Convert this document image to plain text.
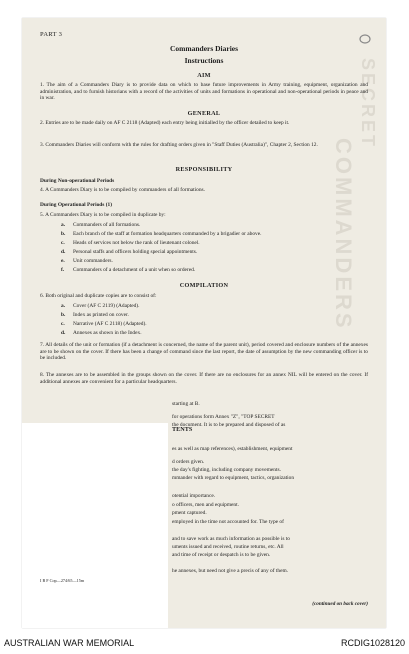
COMMANDERS
SECRET
PART 3
Commanders Diaries
Instructions
AIM
1. The aim of a Commanders Diary is to provide data on which to base future improvements in Army training, equipment, organization and administration, and to furnish historians with a record of the activities of units and formations in operational and non-operational periods in peace and in war.
GENERAL
2. Entries are to be made daily on AF C 2118 (Adapted) each entry being initialled by the officer detailed to keep it.
3. Commanders Diaries will conform with the rules for drafting orders given in "Staff Duties (Australia)", Chapter 2, Section 12.
RESPONSIBILITY
During Non-operational Periods
4. A Commanders Diary is to be compiled by commanders of all formations.
During Operational Periods (1)
5. A Commanders Diary is to be compiled in duplicate by:
a. Commanders of all formations.
b. Each branch of the staff at formation headquarters commanded by a brigadier or above.
c. Heads of services not below the rank of lieutenant colonel.
d. Personal staffs and officers holding special appointments.
e. Unit commanders.
f. Commanders of a detachment of a unit when so ordered.
COMPILATION
6. Both original and duplicate copies are to consist of:
a. Cover (AF C 2119) (Adapted).
b. Index as printed on cover.
c. Narrative (AF C 2118) (Adapted).
d. Annexes as shown in the Index.
7. All details of the unit or formation (if a detachment is concerned, the name of the parent unit), period covered and enclosure numbers of the annexes are to be shown on the cover. If there has been a change of command since the last report, the date of assumption by the new commanding officer is to be included.
8. The annexes are to be assembled in the groups shown on the cover. If there are no enclosures for an annex NIL will be entered on the cover. If additional annexes are convenient for a particular headquarters.
starting at B.
for operations form Annex "Z", "TOP SECRET
the document. It is to be prepared and disposed of as
es as well as map references), establishment, equipment
d orders given.
the day's fighting, including company movements.
mmander with regard to equipment, tactics, organization
otential importance.
o officers, men and equipment.
pment captured.
employed in the time not accounted for. The type of
and to save work as much information as possible is to
uments issued and received, routine returns, etc. All
and time of receipt or despatch is to be given.
he annexes, but need not give a precis of any of them.
TENTS
I B F Cop—274/65—15m
(continued on back cover)
AUSTRALIAN WAR MEMORIAL	RCDIG1028120
